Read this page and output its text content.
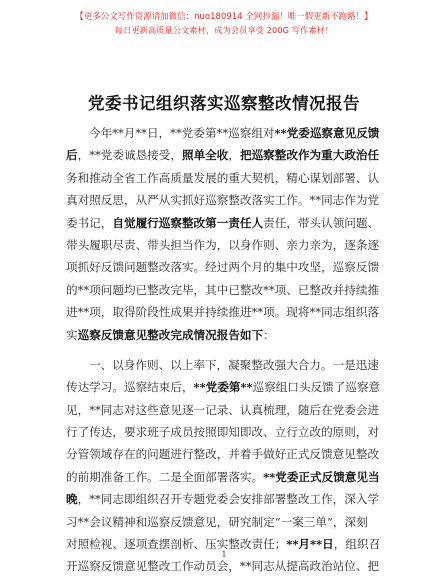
【更多公文写作资源请加微信：nuo180914 全网抄漏！唯一假更新不跑路！】
每日更新高质量公文素材，成为会员享受 200G 写作素材！
党委书记组织落实巡察整改情况报告
今年**月**日，**党委第**巡察组对**党委巡察意见反馈
后，**党委诚恳接受，照单全收，把巡察整改作为重大政治任
务和推动全省工作高质量发展的重大契机，精心谋划部署、认
真对照反思，从严从实抓好巡察整改落实工作。**同志作为党
委书记，自觉履行巡察整改第一责任人责任，带头认领问题、
带头履职尽责、带头担当作为，以身作则、亲力亲为，逐条逐
项抓好反馈问题整改落实。经过两个月的集中攻坚，巡察反馈
的**项问题均已整改完毕，其中已整改**项、已整改并持续推
进**项，取得阶段性成果并持续推进**项。现将**同志组织落
实巡察反馈意见整改完成情况报告如下：
一、以身作则、以上率下，凝聚整改强大合力。一是迅速
传达学习。巡察结束后，**党委第**巡察组口头反馈了巡察意
见，**同志对这些意见逐一记录、认真梳理，随后在党委会进
行了传达，要求班子成员按照即知即改、立行立改的原则，对
分管领域存在的问题进行整改，并着手做好正式反馈意见整改
的前期准备工作。二是全面部署落实。**党委正式反馈意见当
晚，**同志即组织召开专题党委会安排部署整改工作，深入学
习**会议精神和巡察反馈意见，研究制定“一案三单”，深刻
对照检视、逐项查摆剖析、压实整改责任；**月**日，组织召
开巡察反馈意见整改工作动员会，**同志从提高政治站位、把
1
